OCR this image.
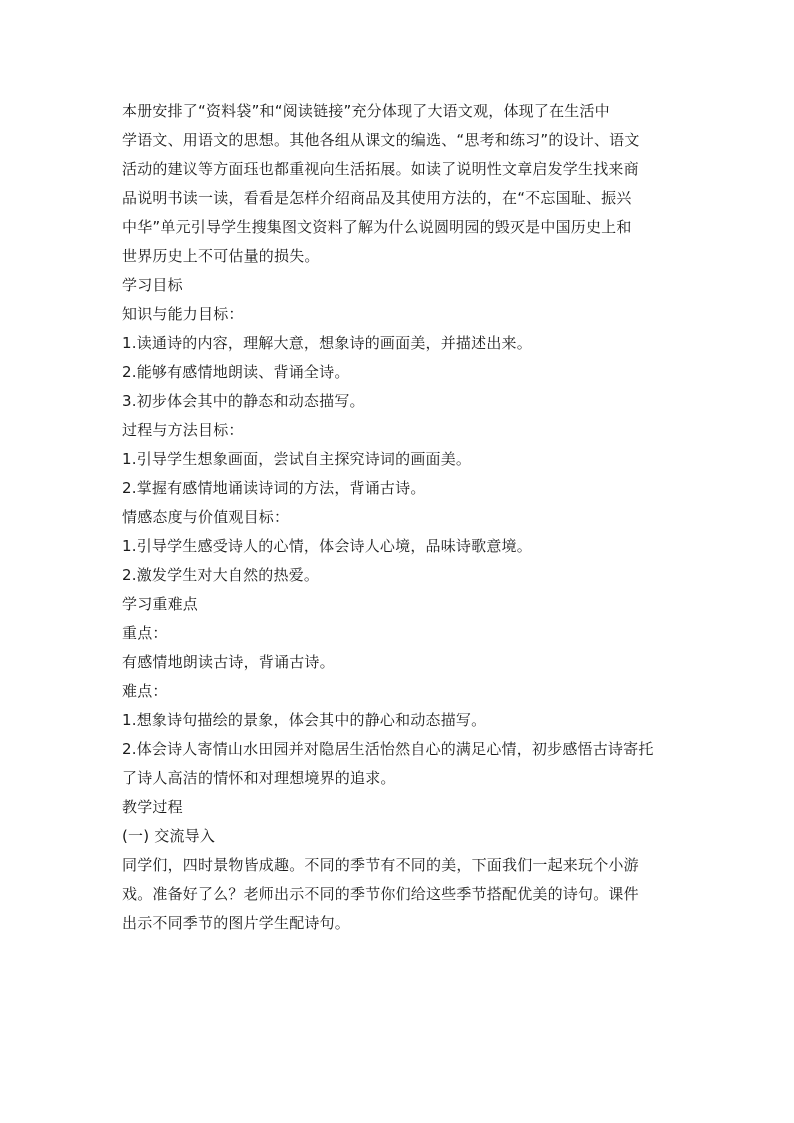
本册安排了“资料袋”和“阅读链接”充分体现了大语文观，体现了在生活中
学语文、用语文的思想。其他各组从课文的编选、“思考和练习”的设计、语文
活动的建议等方面珏也都重视向生活拓展。如读了说明性文章启发学生找来商
品说明书读一读，看看是怎样介绍商品及其使用方法的，在“不忘国耻、振兴
中华”单元引导学生搜集图文资料了解为什么说圆明园的毁灭是中国历史上和
世界历史上不可估量的损失。
学习目标
知识与能力目标：
1.读通诗的内容，理解大意，想象诗的画面美，并描述出来。
2.能够有感情地朗读、背诵全诗。
3.初步体会其中的静态和动态描写。
过程与方法目标：
1.引导学生想象画面，尝试自主探究诗词的画面美。
2.掌握有感情地诵读诗词的方法，背诵古诗。
情感态度与价值观目标：
1.引导学生感受诗人的心情，体会诗人心境，品味诗歌意境。
2.激发学生对大自然的热爱。
学习重难点
重点：
有感情地朗读古诗，背诵古诗。
难点：
1.想象诗句描绘的景象，体会其中的静心和动态描写。
2.体会诗人寄情山水田园并对隐居生活怡然自心的满足心情，初步感悟古诗寄托
了诗人高洁的情怀和对理想境界的追求。
教学过程
(一) 交流导入
同学们，四时景物皆成趣。不同的季节有不同的美，下面我们一起来玩个小游
戏。准备好了么？老师出示不同的季节你们给这些季节搭配优美的诗句。课件
出示不同季节的图片学生配诗句。
